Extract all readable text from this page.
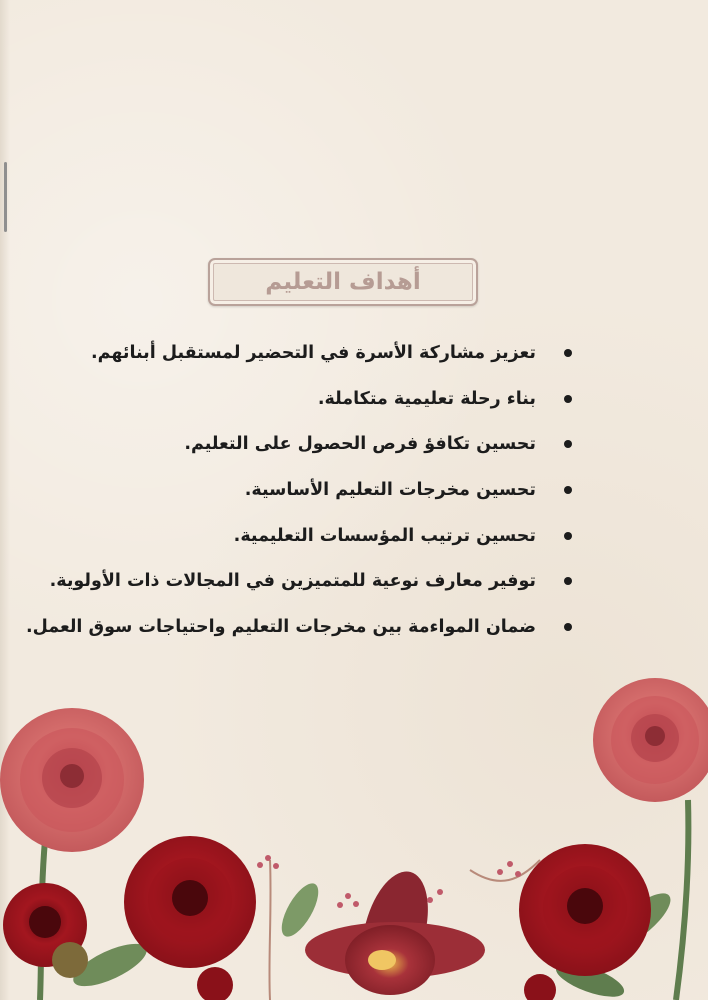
أهداف التعليم
تعزيز مشاركة الأسرة في التحضير لمستقبل أبنائهم.
بناء رحلة تعليمية متكاملة.
تحسين تكافؤ فرص الحصول على التعليم.
تحسين مخرجات التعليم الأساسية.
تحسين ترتيب المؤسسات التعليمية.
توفير معارف نوعية للمتميزين في المجالات ذات الأولوية.
ضمان المواءمة بين مخرجات التعليم واحتياجات سوق العمل.
